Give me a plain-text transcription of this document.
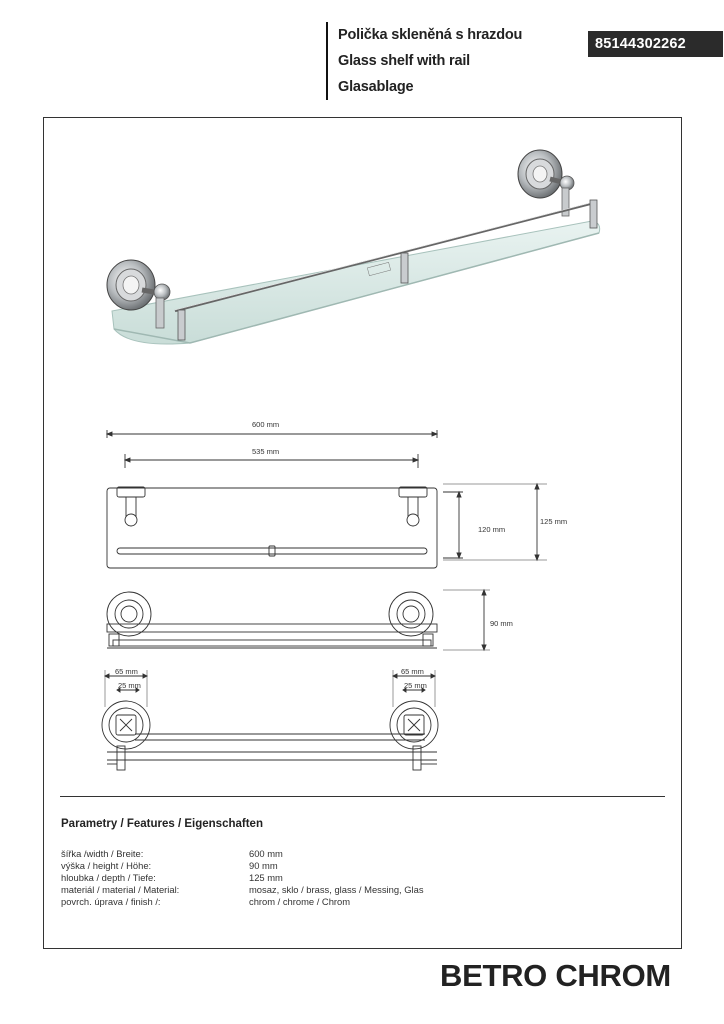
Polička skleněná s hrazdou
Glass shelf with rail
Glasablage
85144302262
600 mm
535 mm
120 mm
125 mm
90 mm
65 mm
25 mm
65 mm
25 mm
Parametry / Features / Eigenschaften
šířka /width / Breite:	600 mm
výška / height / Höhe:	90 mm
hloubka / depth / Tiefe:	125 mm
materiál / material / Material:	mosaz, sklo / brass, glass / Messing, Glas
povrch. úprava / finish /:	chrom / chrome / Chrom
BETRO CHROM
